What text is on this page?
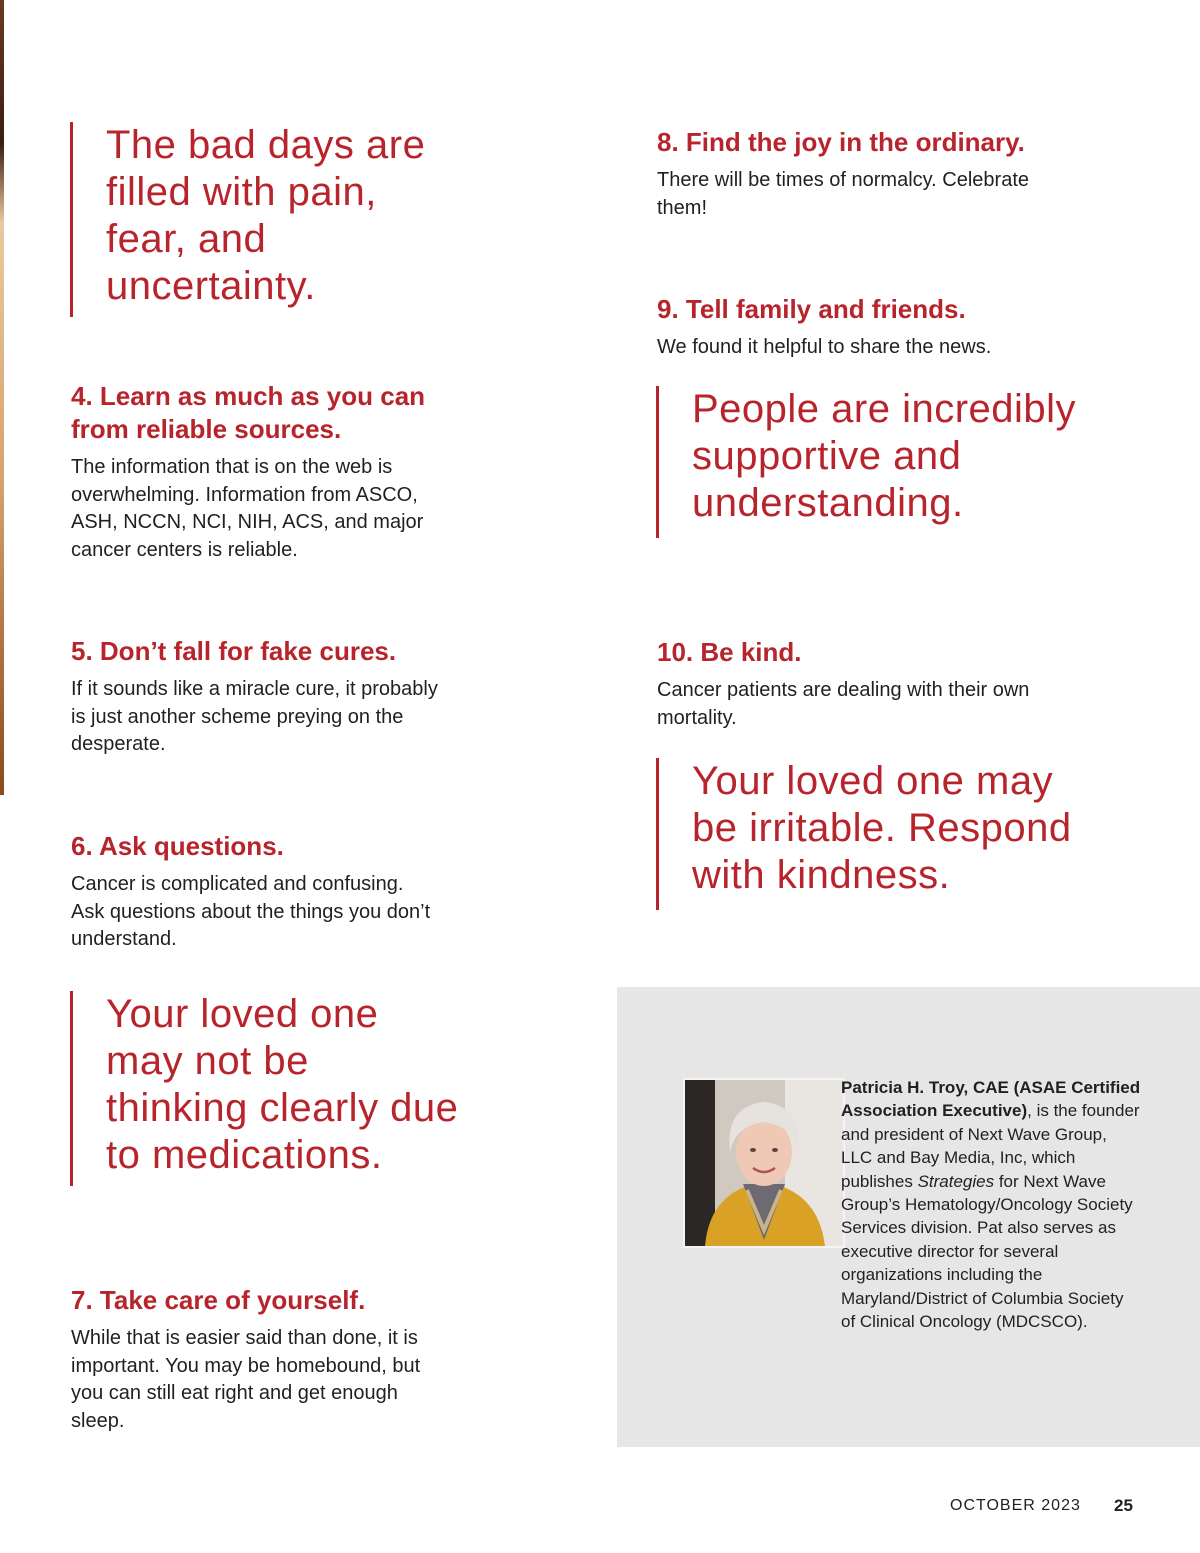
The bad days are
filled with pain,
fear, and
uncertainty.
4. Learn as much as you can
from reliable sources.

The information that is on the web is
overwhelming. Information from ASCO,
ASH, NCCN, NCI, NIH, ACS, and major
cancer centers is reliable.

5. Don’t fall for fake cures.

If it sounds like a miracle cure, it probably
is just another scheme preying on the
desperate.

6. Ask questions.

Cancer is complicated and confusing.
Ask questions about the things you don’t
understand.

Your loved one
may not be
thinking clearly due
to medications.
7. Take care of yourself.

While that is easier said than done, it is
important. You may be homebound, but
you can still eat right and get enough
sleep.

8. Find the joy in the ordinary.

There will be times of normalcy. Celebrate
them!

9. Tell family and friends.

We found it helpful to share the news.

People are incredibly
supportive and
understanding.
10. Be kind.

Cancer patients are dealing with their own
mortality.

Your loved one may
be irritable. Respond
with kindness.
Patricia H. Troy, CAE (ASAE Certified Association Executive), is the founder and president of Next Wave Group, LLC and Bay Media, Inc, which publishes Strategies for Next Wave Group’s Hematology/Oncology Society Services division. Pat also serves as executive director for several organizations including the Maryland/District of Columbia Society of Clinical Oncology (MDCSCO).
OCTOBER 2023 25
